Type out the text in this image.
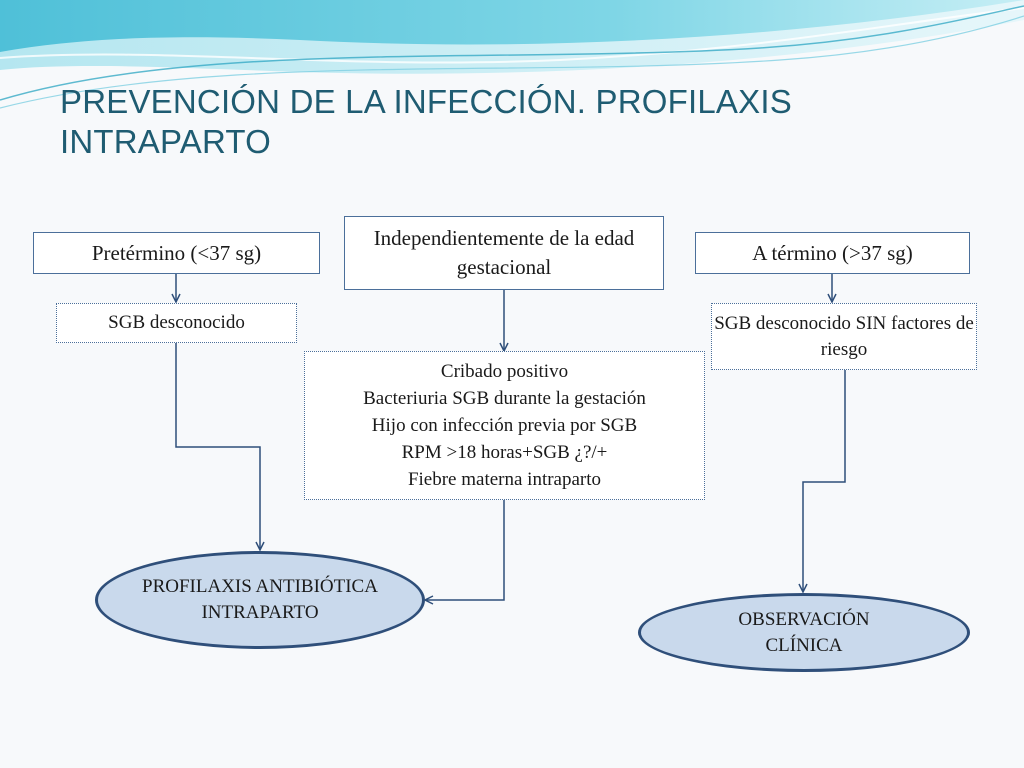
PREVENCIÓN DE LA INFECCIÓN. PROFILAXIS INTRAPARTO
Pretérmino (<37 sg)
Independientemente de la edad gestacional
A término (>37 sg)
SGB desconocido	SGB desconocido SIN factores de riesgo
Cribado positivo
Bacteriuria SGB durante la gestación
Hijo con infección previa por SGB
RPM >18 horas+SGB ¿?/+
Fiebre materna intraparto
PROFILAXIS ANTIBIÓTICA
INTRAPARTO	OBSERVACIÓN
CLÍNICA
